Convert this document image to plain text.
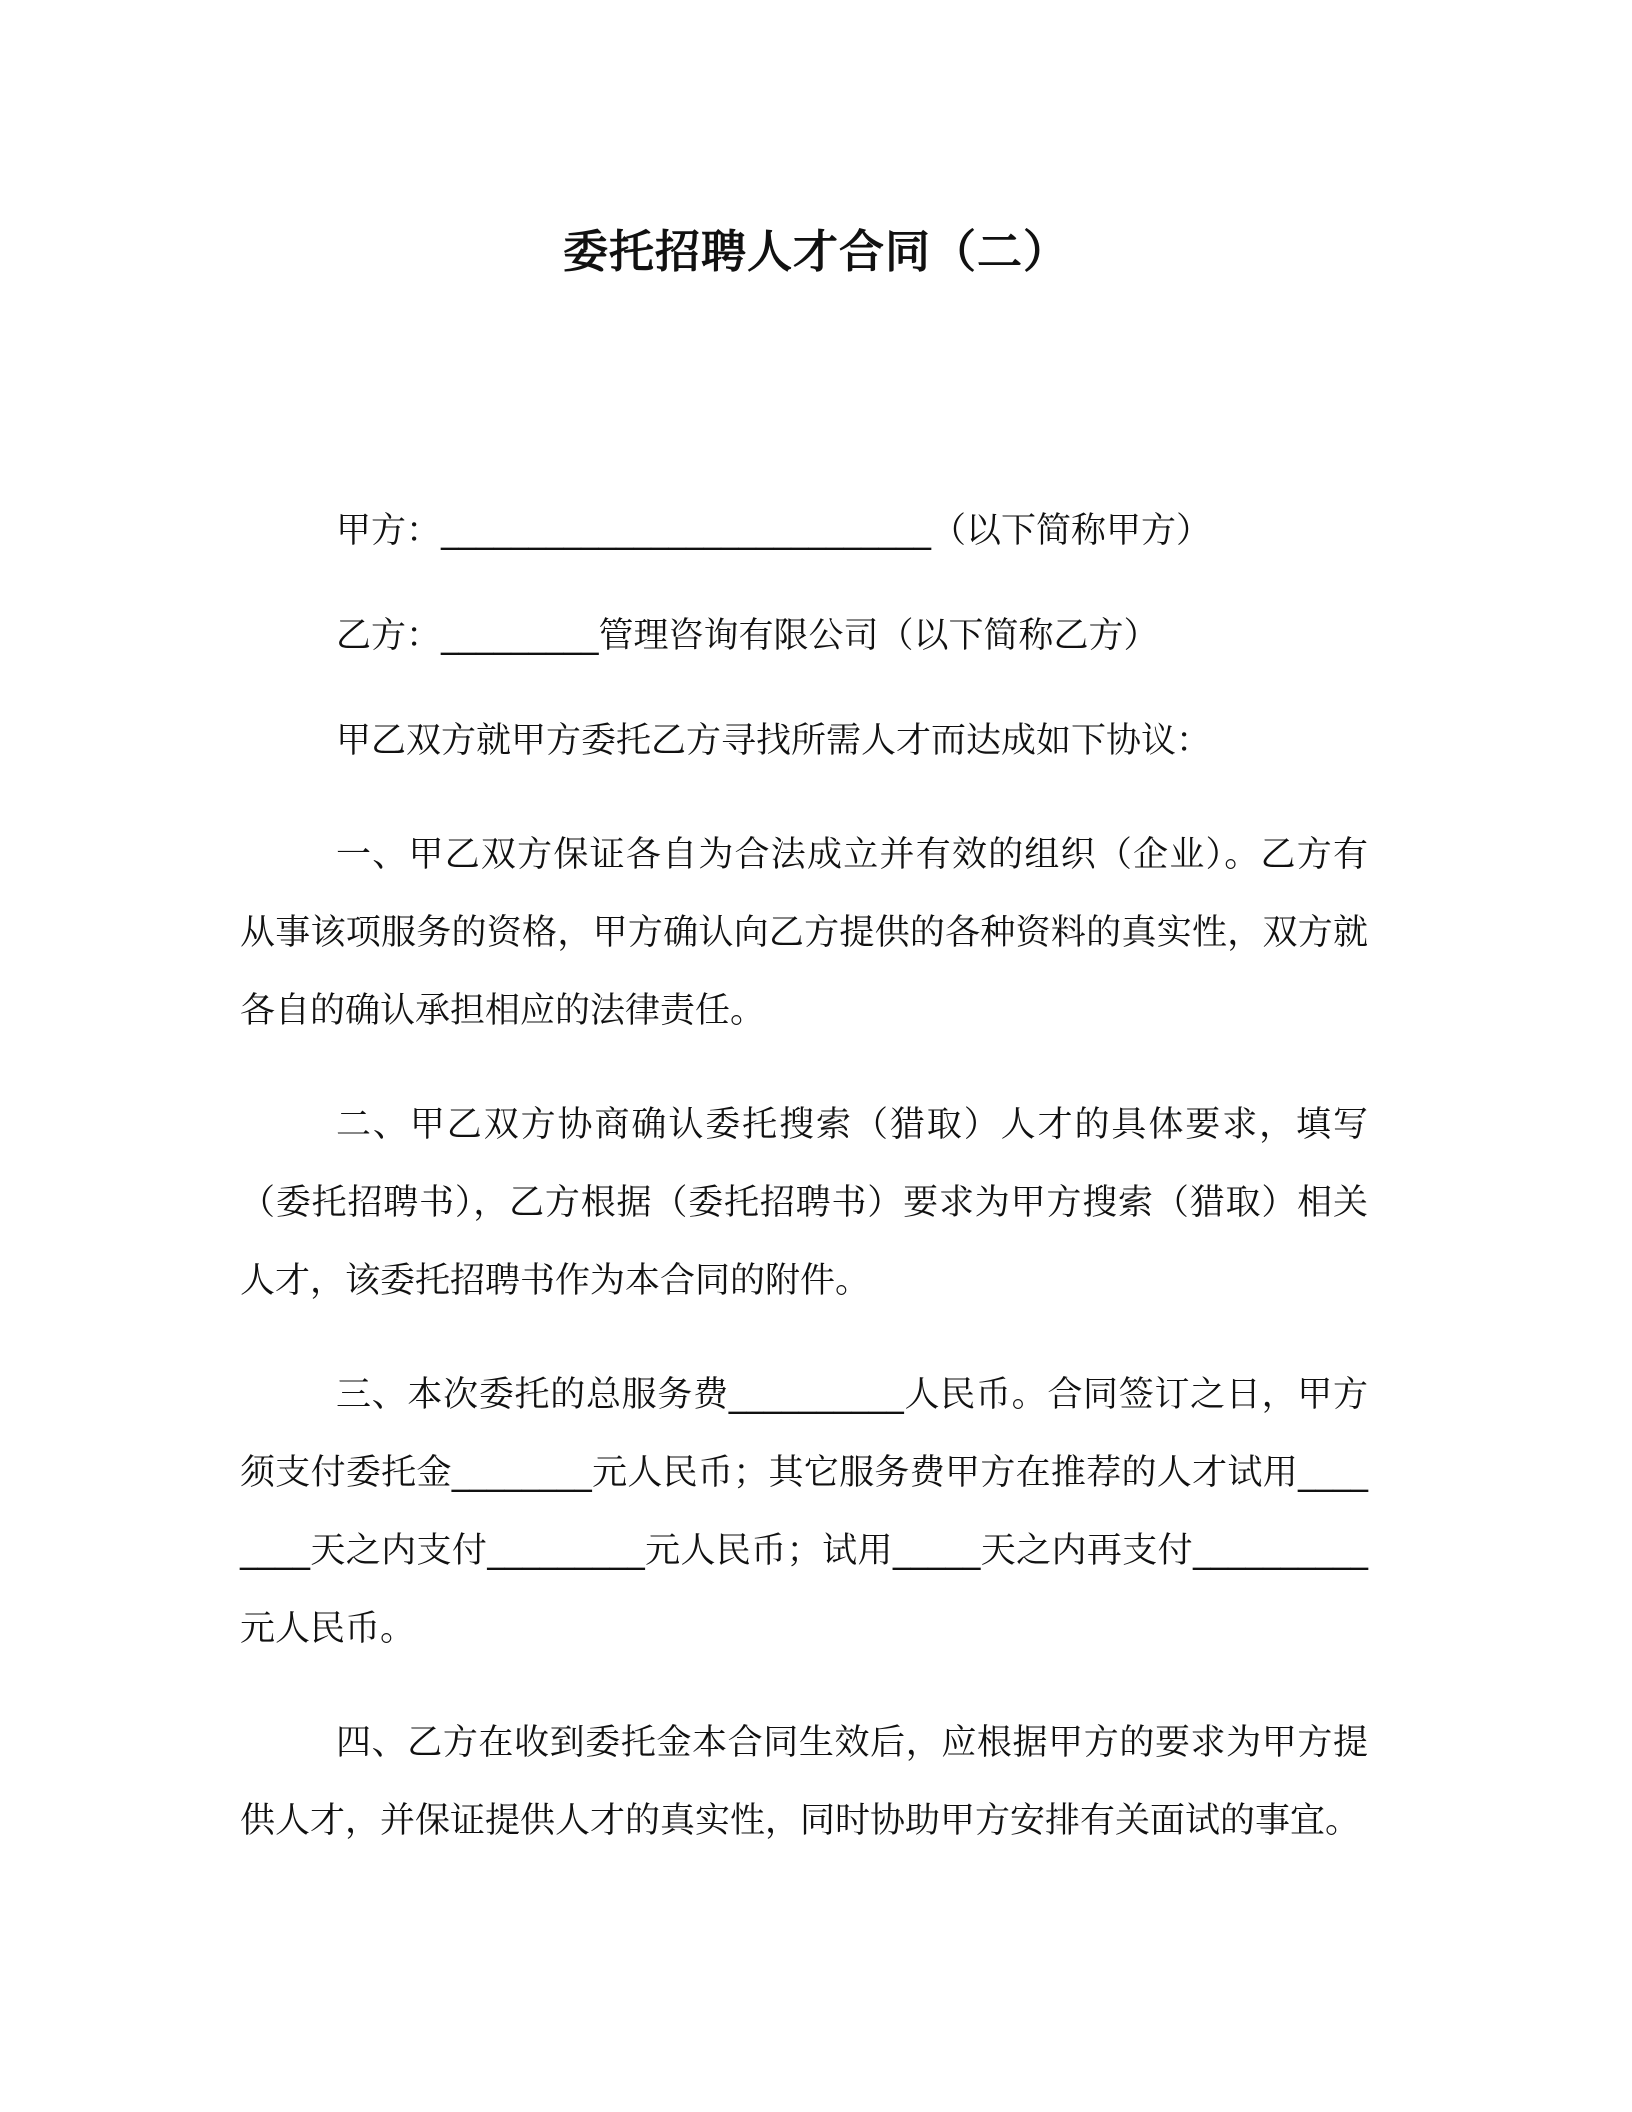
委托招聘人才合同（二）

甲方：____________________________（以下简称甲方）

乙方：_________管理咨询有限公司（以下简称乙方）

甲乙双方就甲方委托乙方寻找所需人才而达成如下协议：

一、甲乙双方保证各自为合法成立并有效的组织（企业）。乙方有从事该项服务的资格，甲方确认向乙方提供的各种资料的真实性，双方就各自的确认承担相应的法律责任。

二、甲乙双方协商确认委托搜索（猎取）人才的具体要求，填写（委托招聘书），乙方根据（委托招聘书）要求为甲方搜索（猎取）相关人才，该委托招聘书作为本合同的附件。

三、本次委托的总服务费__________人民币。合同签订之日，甲方须支付委托金________元人民币；其它服务费甲方在推荐的人才试用________天之内支付_________元人民币；试用_____天之内再支付__________元人民币。

四、乙方在收到委托金本合同生效后，应根据甲方的要求为甲方提供人才，并保证提供人才的真实性，同时协助甲方安排有关面试的事宜。
